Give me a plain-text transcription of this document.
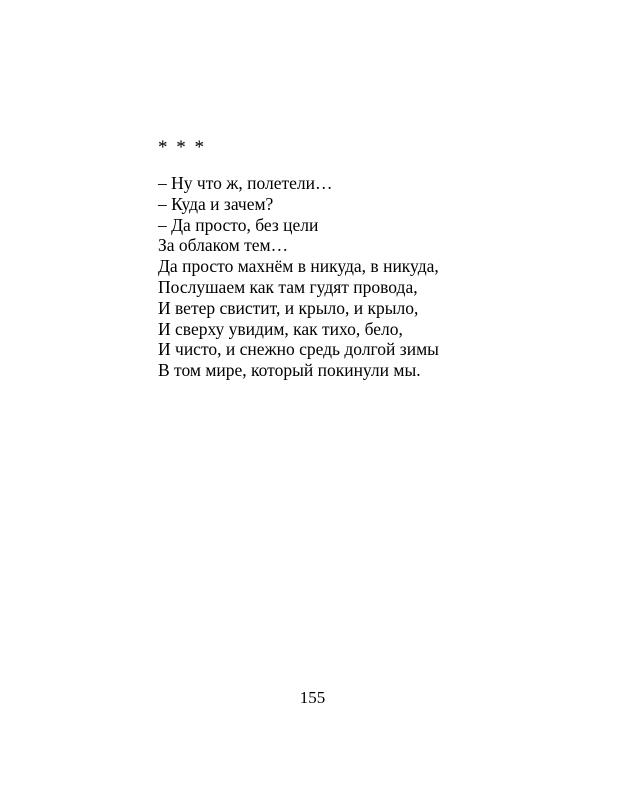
* * *
– Ну что ж, полетели…
– Куда и зачем?
– Да просто, без цели
За облаком тем…
Да просто махнём в никуда, в никуда,
Послушаем как там гудят провода,
И ветер свистит, и крыло, и крыло,
И сверху увидим, как тихо, бело,
И чисто, и снежно средь долгой зимы
В том мире, который покинули мы.
155
